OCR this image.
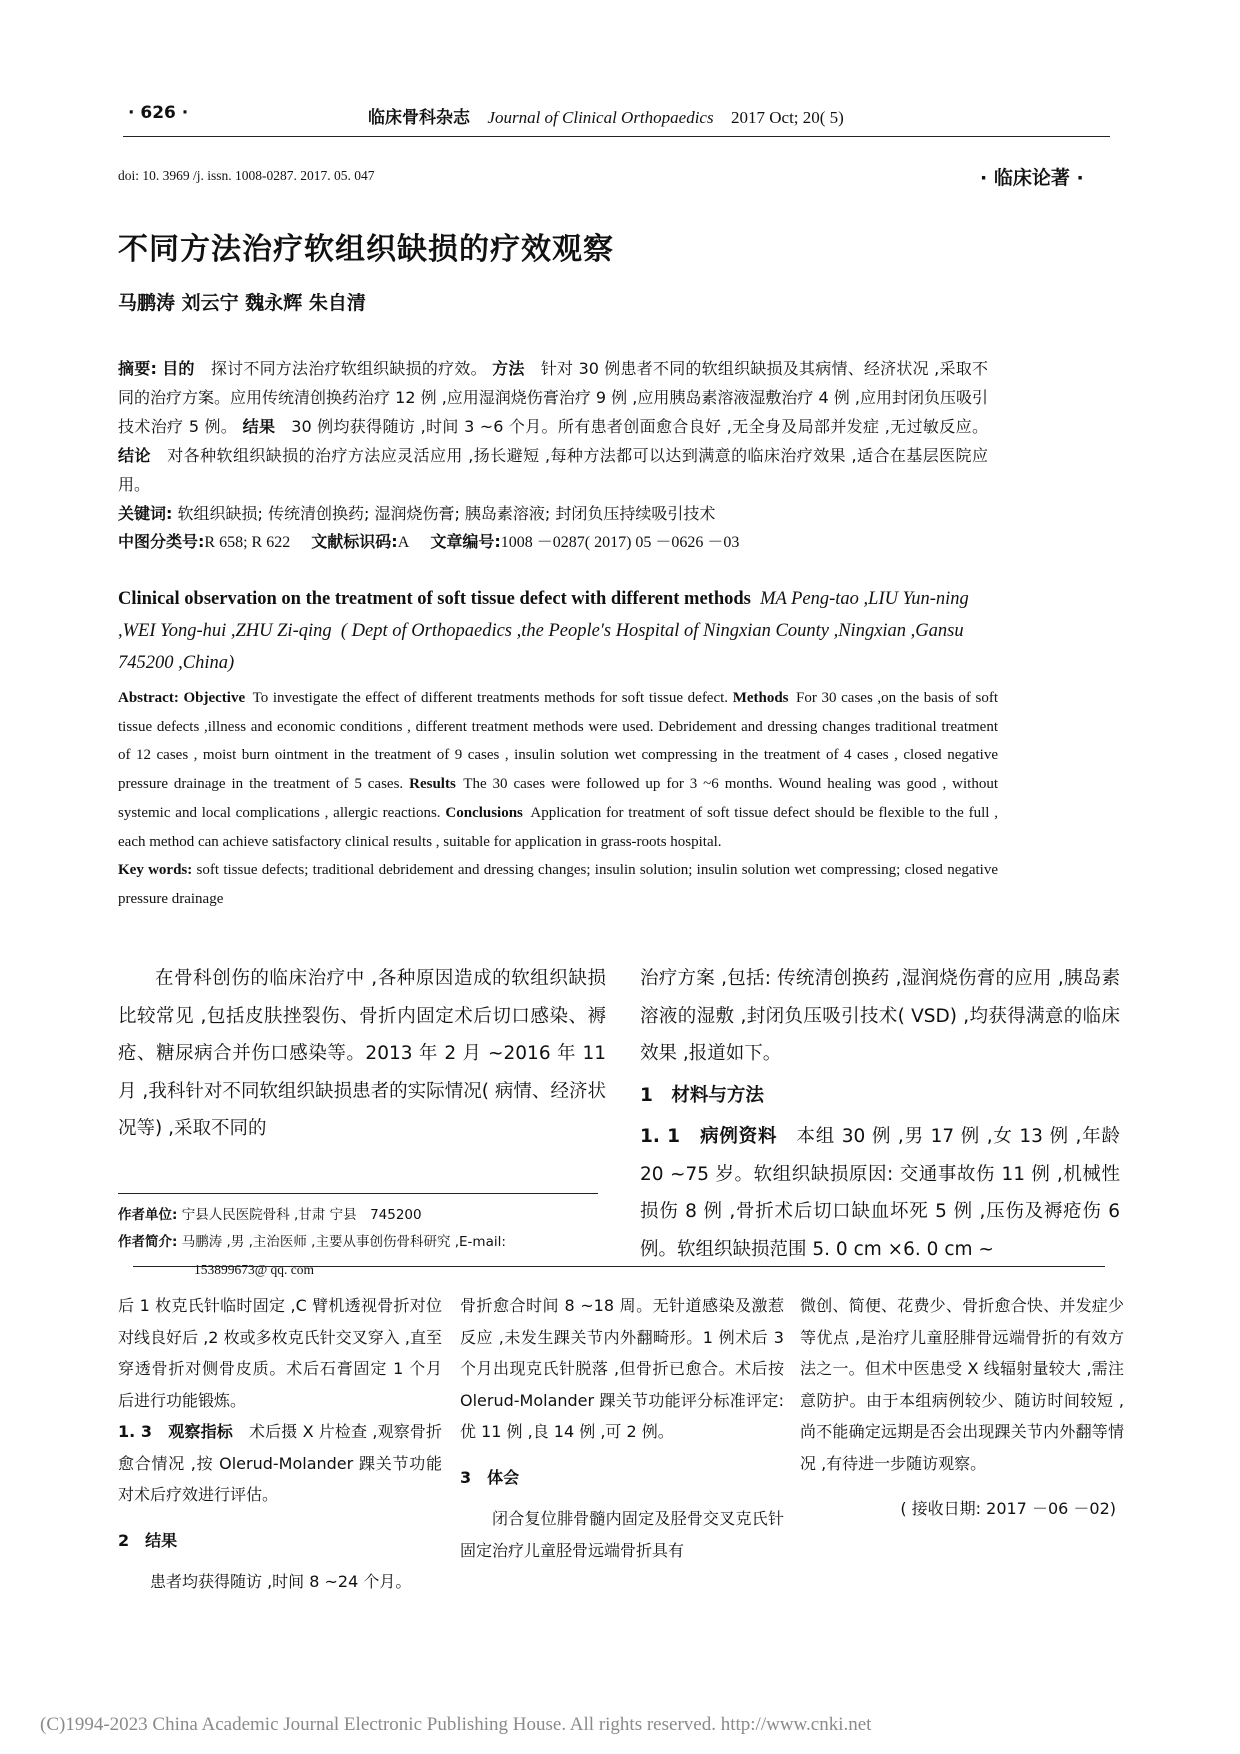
· 626 ·	临床骨科杂志 Journal of Clinical Orthopaedics 2017 Oct; 20( 5)
doi: 10. 3969 /j. issn. 1008-0287. 2017. 05. 047	· 临床论著 ·
不同方法治疗软组织缺损的疗效观察
马鹏涛 刘云宁 魏永辉 朱自清
摘要: 目的  探讨不同方法治疗软组织缺损的疗效。 方法  针对 30 例患者不同的软组织缺损及其病情、经济状况 ,采取不同的治疗方案。应用传统清创换药治疗 12 例 ,应用湿润烧伤膏治疗 9 例 ,应用胰岛素溶液湿敷治疗 4 例 ,应用封闭负压吸引技术治疗 5 例。 结果  30 例均获得随访 ,时间 3 ~6 个月。所有患者创面愈合良好 ,无全身及局部并发症 ,无过敏反应。 结论  对各种软组织缺损的治疗方法应灵活应用 ,扬长避短 ,每种方法都可以达到满意的临床治疗效果 ,适合在基层医院应用。
关键词: 软组织缺损; 传统清创换药; 湿润烧伤膏; 胰岛素溶液; 封闭负压持续吸引技术
中图分类号:R 658; R 622   文献标识码:A   文章编号:1008 －0287( 2017) 05 －0626 －03
Clinical observation on the treatment of soft tissue defect with different methods  MA Peng-tao ,LIU Yun-ning ,WEI Yong-hui ,ZHU Zi-qing  ( Dept of Orthopaedics ,the People′s Hospital of Ningxian County ,Ningxian ,Gansu 745200 ,China)
Abstract: Objective  To investigate the effect of different treatments methods for soft tissue defect. Methods  For 30 cases ,on the basis of soft tissue defects ,illness and economic conditions , different treatment methods were used. Debridement and dressing changes traditional treatment of 12 cases , moist burn ointment in the treatment of 9 cases , insulin solution wet compressing in the treatment of 4 cases , closed negative pressure drainage in the treatment of 5 cases. Results  The 30 cases were followed up for 3 ~6 months. Wound healing was good , without systemic and local complications , allergic reactions. Conclusions  Application for treatment of soft tissue defect should be flexible to the full , each method can achieve satisfactory clinical results , suitable for application in grass-roots hospital.
Key words: soft tissue defects; traditional debridement and dressing changes; insulin solution; insulin solution wet compressing; closed negative pressure drainage
在骨科创伤的临床治疗中 ,各种原因造成的软组织缺损比较常见 ,包括皮肤挫裂伤、骨折内固定术后切口感染、褥疮、糖尿病合并伤口感染等。2013 年 2 月 ~2016 年 11 月 ,我科针对不同软组织缺损患者的实际情况( 病情、经济状况等) ,采取不同的

治疗方案 ,包括: 传统清创换药 ,湿润烧伤膏的应用 ,胰岛素溶液的湿敷 ,封闭负压吸引技术( VSD) ,均获得满意的临床效果 ,报道如下。

1　材料与方法

1. 1　病例资料  本组 30 例 ,男 17 例 ,女 13 例 ,年龄 20 ~75 岁。软组织缺损原因: 交通事故伤 11 例 ,机械性损伤 8 例 ,骨折术后切口缺血坏死 5 例 ,压伤及褥疮伤 6 例。软组织缺损范围 5. 0 cm ×6. 0 cm ~

作者单位: 宁县人民医院骨科 ,甘肃 宁县　745200

作者简介: 马鹏涛 ,男 ,主治医师 ,主要从事创伤骨科研究 ,E-mail:

153899673@ qq. com

后 1 枚克氏针临时固定 ,C 臂机透视骨折对位对线良好后 ,2 枚或多枚克氏针交叉穿入 ,直至穿透骨折对侧骨皮质。术后石膏固定 1 个月后进行功能锻炼。

1. 3　观察指标  术后摄 X 片检查 ,观察骨折愈合情况 ,按 Olerud-Molander 踝关节功能对术后疗效进行评估。

2　结果

患者均获得随访 ,时间 8 ~24 个月。

骨折愈合时间 8 ~18 周。无针道感染及激惹反应 ,未发生踝关节内外翻畸形。1 例术后 3 个月出现克氏针脱落 ,但骨折已愈合。术后按 Olerud-Molander 踝关节功能评分标准评定: 优 11 例 ,良 14 例 ,可 2 例。

3　体会

闭合复位腓骨髓内固定及胫骨交叉克氏针固定治疗儿童胫骨远端骨折具有

微创、简便、花费少、骨折愈合快、并发症少等优点 ,是治疗儿童胫腓骨远端骨折的有效方法之一。但术中医患受 X 线辐射量较大 ,需注意防护。由于本组病例较少、随访时间较短 ,尚不能确定远期是否会出现踝关节内外翻等情况 ,有待进一步随访观察。

( 接收日期: 2017 －06 －02)

(C)1994-2023 China Academic Journal Electronic Publishing House. All rights reserved. http://www.cnki.net
